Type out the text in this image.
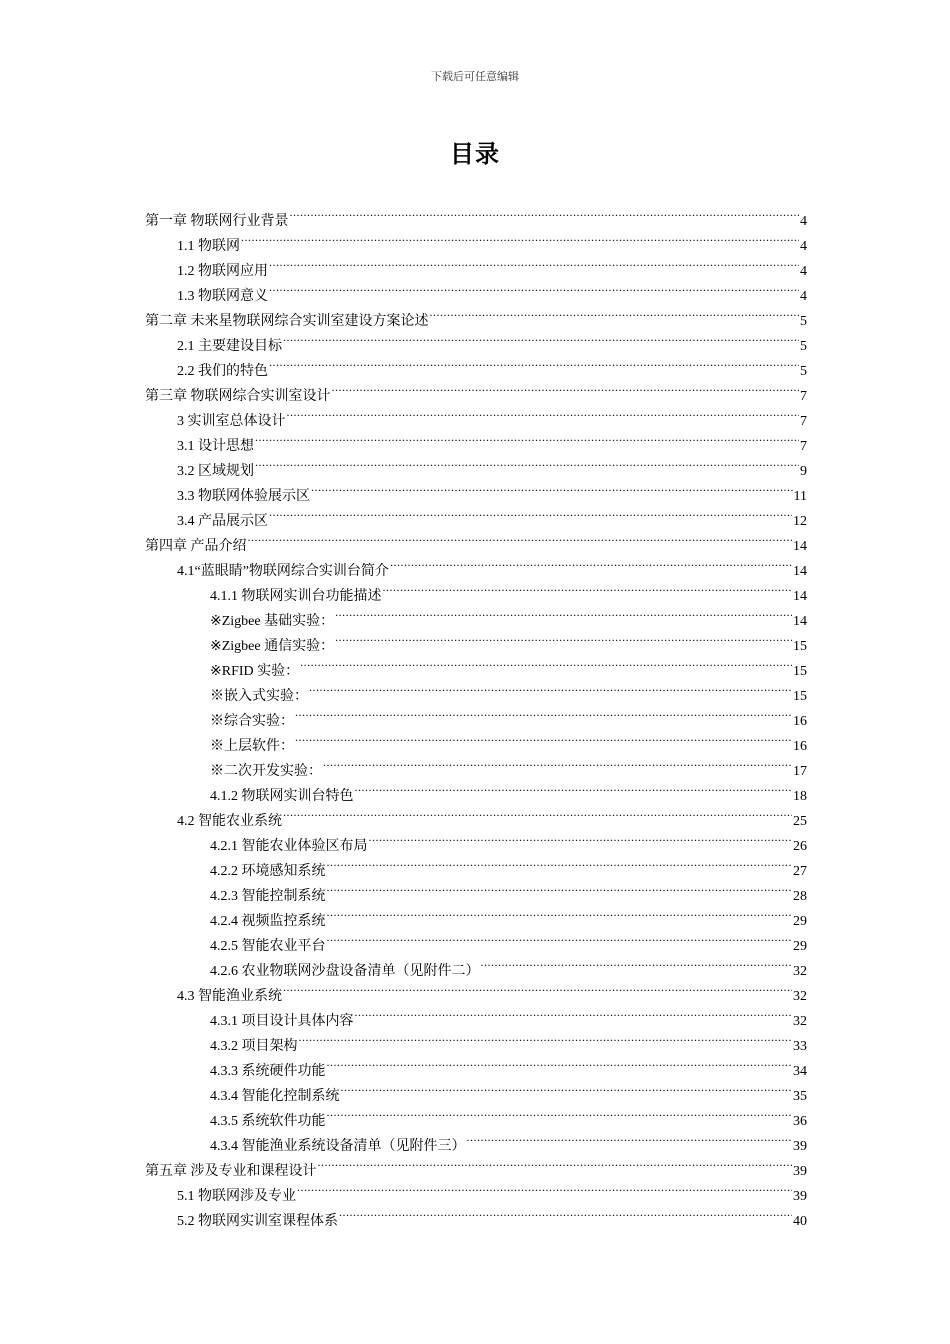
下载后可任意编辑
目录
第一章 物联网行业背景 .....	4
1.1 物联网 .....	4
1.2 物联网应用 .....	4
1.3 物联网意义 .....	4
第二章 未来星物联网综合实训室建设方案论述 .....	5
2.1 主要建设目标 .....	5
2.2 我们的特色 .....	5
第三章 物联网综合实训室设计 .....	7
3 实训室总体设计 .....	7
3.1 设计思想 .....	7
3.2 区域规划 .....	9
3.3 物联网体验展示区 .....	11
3.4 产品展示区 .....	12
第四章 产品介绍 .....	14
4.1“蓝眼睛”物联网综合实训台简介 .....	14
4.1.1 物联网实训台功能描述 .....	14
※Zigbee 基础实验： .....	14
※Zigbee 通信实验： .....	15
※RFID 实验： .....	15
※嵌入式实验： .....	15
※综合实验： .....	16
※上层软件： .....	16
※二次开发实验： .....	17
4.1.2 物联网实训台特色 .....	18
4.2 智能农业系统 .....	25
4.2.1 智能农业体验区布局 .....	26
4.2.2 环境感知系统 .....	27
4.2.3 智能控制系统 .....	28
4.2.4 视频监控系统 .....	29
4.2.5 智能农业平台 .....	29
4.2.6 农业物联网沙盘设备清单（见附件二） .....	32
4.3 智能渔业系统 .....	32
4.3.1 项目设计具体内容 .....	32
4.3.2 项目架构 .....	33
4.3.3 系统硬件功能 .....	34
4.3.4 智能化控制系统 .....	35
4.3.5 系统软件功能 .....	36
4.3.4 智能渔业系统设备清单（见附件三） .....	39
第五章 涉及专业和课程设计 .....	39
5.1 物联网涉及专业 .....	39
5.2 物联网实训室课程体系 .....	40
